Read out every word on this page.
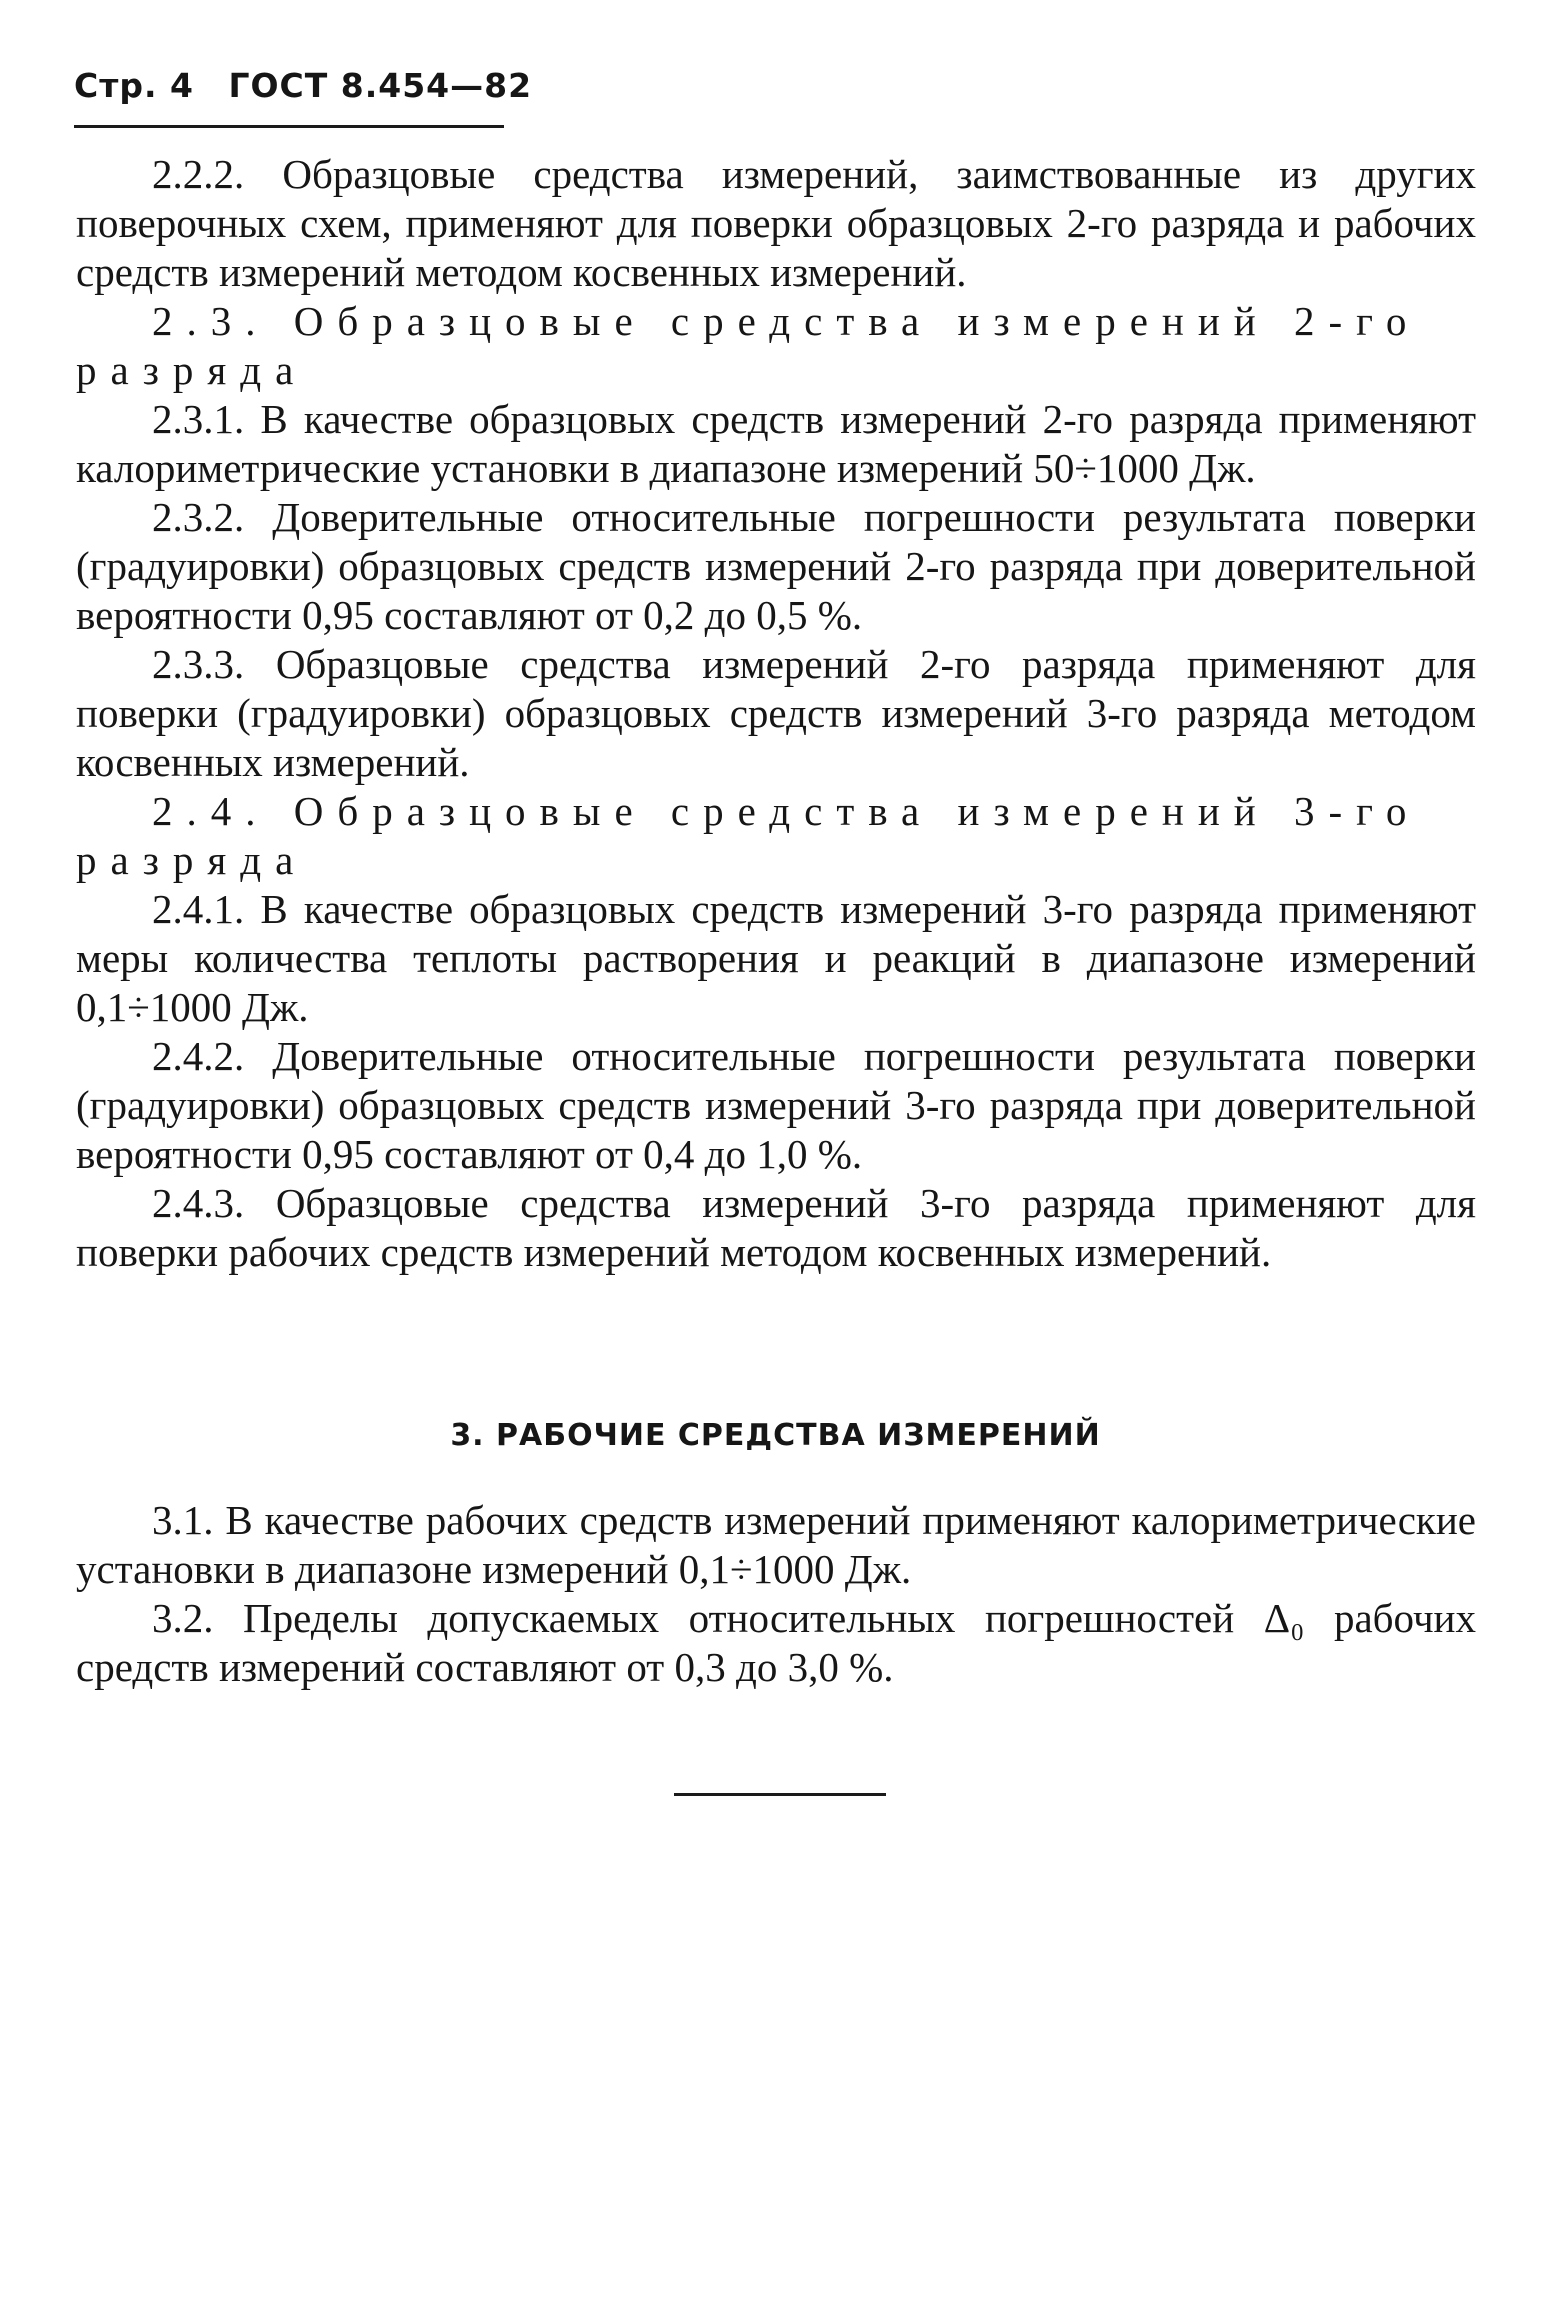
Стр. 4 ГОСТ 8.454—82

2.2.2. Образцовые средства измерений, заимствованные из других поверочных схем, применяют для поверки образцовых 2-го разряда и рабочих средств измерений методом косвенных измерений.

2.3. Образцовые средства измерений 2-го разряда

2.3.1. В качестве образцовых средств измерений 2-го разряда применяют калориметрические установки в диапазоне измерений 50÷1000 Дж.

2.3.2. Доверительные относительные погрешности результата поверки (градуировки) образцовых средств измерений 2-го разряда при доверительной вероятности 0,95 составляют от 0,2 до 0,5 %.

2.3.3. Образцовые средства измерений 2-го разряда применяют для поверки (градуировки) образцовых средств измерений 3-го разряда методом косвенных измерений.

2.4. Образцовые средства измерений 3-го разряда

2.4.1. В качестве образцовых средств измерений 3-го разряда применяют меры количества теплоты растворения и реакций в диапазоне измерений 0,1÷1000 Дж.

2.4.2. Доверительные относительные погрешности результата поверки (градуировки) образцовых средств измерений 3-го разряда при доверительной вероятности 0,95 составляют от 0,4 до 1,0 %.

2.4.3. Образцовые средства измерений 3-го разряда применяют для поверки рабочих средств измерений методом косвенных измерений.

3. РАБОЧИЕ СРЕДСТВА ИЗМЕРЕНИЙ

3.1. В качестве рабочих средств измерений применяют калориметрические установки в диапазоне измерений 0,1÷1000 Дж.

3.2. Пределы допускаемых относительных погрешностей Δ₀ рабочих средств измерений составляют от 0,3 до 3,0 %.
